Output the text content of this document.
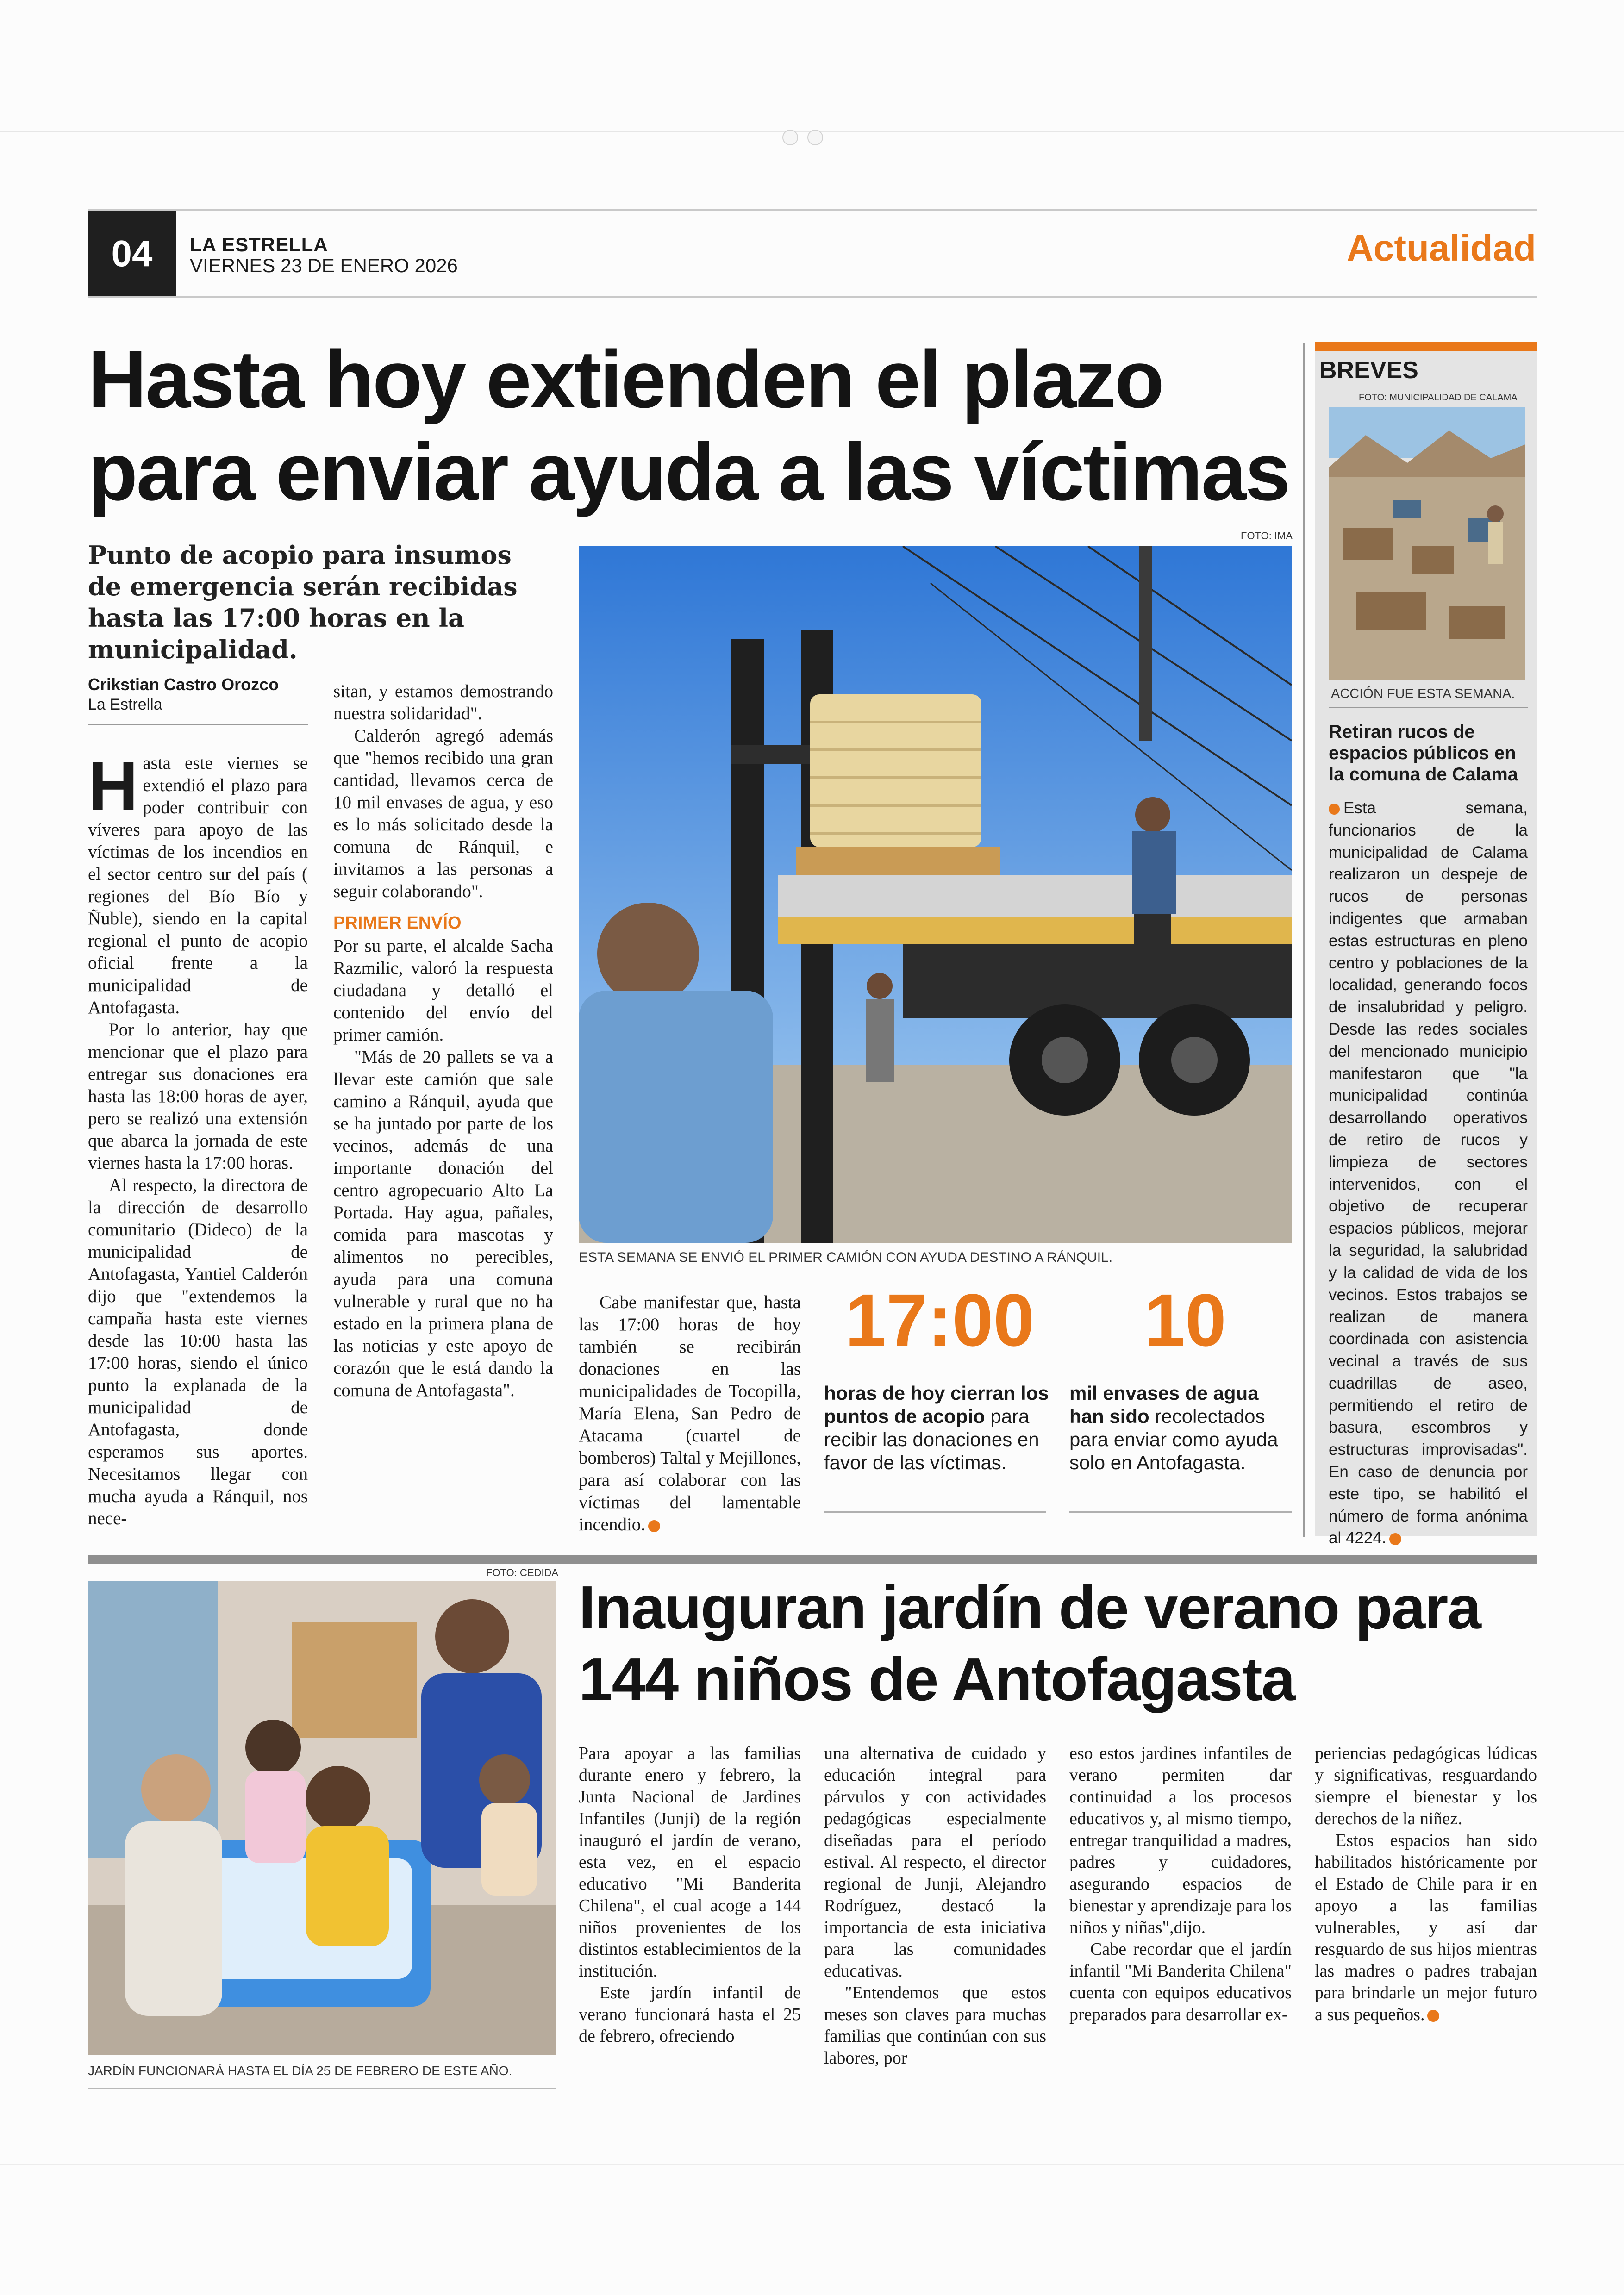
04	LA ESTRELLA
VIERNES 23 DE ENERO 2026	Actualidad
Hasta hoy extienden el plazo
para enviar ayuda a las víctimas
Punto de acopio para insumos de emergencia serán recibidas hasta las 17:00 horas en la municipalidad.
Crikstian Castro Orozco
La Estrella

Hasta este viernes se extendió el plazo para poder contribuir con víveres para apoyo de las víctimas de los incendios en el sector centro sur del país ( regiones del Bío Bío y Ñuble), siendo en la capital regional el punto de acopio oficial frente a la municipalidad de Antofagasta.

Por lo anterior, hay que mencionar que el plazo para entregar sus donaciones era hasta las 18:00 horas de ayer, pero se realizó una extensión que abarca la jornada de este viernes hasta la 17:00 horas.

Al respecto, la directora de la dirección de desarrollo comunitario (Dideco) de la municipalidad de Antofagasta, Yantiel Calderón dijo que "extendemos la campaña hasta este viernes desde las 10:00 hasta las 17:00 horas, siendo el único punto la explanada de la municipalidad de Antofagasta, donde esperamos sus aportes. Necesitamos llegar con mucha ayuda a Ránquil, nos nece-

sitan, y estamos demostrando nuestra solidaridad".

Calderón agregó además que "hemos recibido una gran cantidad, llevamos cerca de 10 mil envases de agua, y eso es lo más solicitado desde la comuna de Ránquil, e invitamos a las personas a seguir colaborando".

PRIMER ENVÍO

Por su parte, el alcalde Sacha Razmilic, valoró la respuesta ciudadana y detalló el contenido del envío del primer camión.

"Más de 20 pallets se va a llevar este camión que sale camino a Ránquil, ayuda que se ha juntado por parte de los vecinos, además de una importante donación del centro agropecuario Alto La Portada. Hay agua, pañales, comida para mascotas y alimentos no perecibles, ayuda para una comuna vulnerable y rural que no ha estado en la primera plana de las noticias y este apoyo de corazón que le está dando la comuna de Antofagasta".

FOTO: IMA
ESTA SEMANA SE ENVIÓ EL PRIMER CAMIÓN CON AYUDA DESTINO A RÁNQUIL.

Cabe manifestar que, hasta las 17:00 horas de hoy también se recibirán donaciones en las municipalidades de Tocopilla, María Elena, San Pedro de Atacama (cuartel de bomberos) Taltal y Mejillones, para así colaborar con las víctimas del lamentable incendio.

17:00
horas de hoy cierran los puntos de acopio para recibir las donaciones en favor de las víctimas.
10
mil envases de agua han sido recolectados para enviar como ayuda solo en Antofagasta.
BREVES
FOTO: MUNICIPALIDAD DE CALAMA
ACCIÓN FUE ESTA SEMANA.
Retiran rucos de espacios públicos en la comuna de Calama
Esta semana, funcionarios de la municipalidad de Calama realizaron un despeje de rucos de personas indigentes que armaban estas estructuras en pleno centro y poblaciones de la localidad, generando focos de insalubridad y peligro. Desde las redes sociales del mencionado municipio manifestaron que "la municipalidad continúa desarrollando operativos de retiro de rucos y limpieza de sectores intervenidos, con el objetivo de recuperar espacios públicos, mejorar la seguridad, la salubridad y la calidad de vida de los vecinos. Estos trabajos se realizan de manera coordinada con asistencia vecinal a través de sus cuadrillas de aseo, permitiendo el retiro de basura, escombros y estructuras improvisadas". En caso de denuncia por este tipo, se habilitó el número de forma anónima al 4224.
FOTO: CEDIDA
JARDÍN FUNCIONARÁ HASTA EL DÍA 25 DE FEBRERO DE ESTE AÑO.
Inauguran jardín de verano para
144 niños de Antofagasta

Para apoyar a las familias durante enero y febrero, la Junta Nacional de Jardines Infantiles (Junji) de la región inauguró el jardín de verano, esta vez, en el espacio educativo "Mi Banderita Chilena", el cual acoge a 144 niños provenientes de los distintos establecimientos de la institución.

Este jardín infantil de verano funcionará hasta el 25 de febrero, ofreciendo

una alternativa de cuidado y educación integral para párvulos y con actividades pedagógicas especialmente diseñadas para el período estival. Al respecto, el director regional de Junji, Alejandro Rodríguez, destacó la importancia de esta iniciativa para las comunidades educativas.

"Entendemos que estos meses son claves para muchas familias que continúan con sus labores, por

eso estos jardines infantiles de verano permiten dar continuidad a los procesos educativos y, al mismo tiempo, entregar tranquilidad a madres, padres y cuidadores, asegurando espacios de bienestar y aprendizaje para los niños y niñas",dijo.

Cabe recordar que el jardín infantil "Mi Banderita Chilena" cuenta con equipos educativos preparados para desarrollar ex-

periencias pedagógicas lúdicas y significativas, resguardando siempre el bienestar y los derechos de la niñez.

Estos espacios han sido habilitados históricamente por el Estado de Chile para ir en apoyo a las familias vulnerables, y así dar resguardo de sus hijos mientras las madres o padres trabajan para brindarle un mejor futuro a sus pequeños.
